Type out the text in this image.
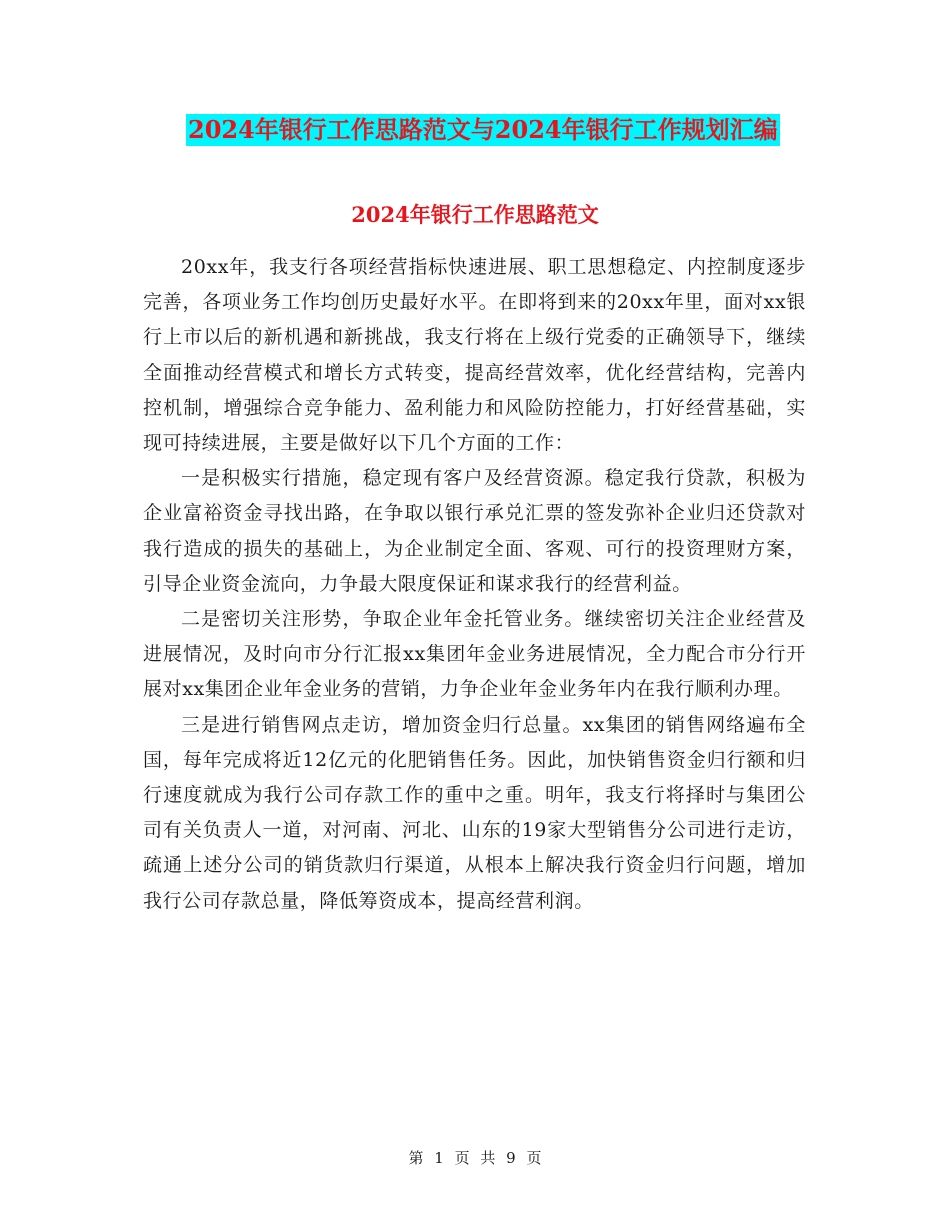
2024年银行工作思路范文与2024年银行工作规划汇编
2024年银行工作思路范文

20xx年，我支行各项经营指标快速进展、职工思想稳定、内控制度逐步完善，各项业务工作均创历史最好水平。在即将到来的20xx年里，面对xx银行上市以后的新机遇和新挑战，我支行将在上级行党委的正确领导下，继续全面推动经营模式和增长方式转变，提高经营效率，优化经营结构，完善内控机制，增强综合竞争能力、盈利能力和风险防控能力，打好经营基础，实现可持续进展，主要是做好以下几个方面的工作：

一是积极实行措施，稳定现有客户及经营资源。稳定我行贷款，积极为企业富裕资金寻找出路，在争取以银行承兑汇票的签发弥补企业归还贷款对我行造成的损失的基础上，为企业制定全面、客观、可行的投资理财方案，引导企业资金流向，力争最大限度保证和谋求我行的经营利益。

二是密切关注形势，争取企业年金托管业务。继续密切关注企业经营及进展情况，及时向市分行汇报xx集团年金业务进展情况，全力配合市分行开展对xx集团企业年金业务的营销，力争企业年金业务年内在我行顺利办理。

三是进行销售网点走访，增加资金归行总量。xx集团的销售网络遍布全国，每年完成将近12亿元的化肥销售任务。因此，加快销售资金归行额和归行速度就成为我行公司存款工作的重中之重。明年，我支行将择时与集团公司有关负责人一道，对河南、河北、山东的19家大型销售分公司进行走访，疏通上述分公司的销货款归行渠道，从根本上解决我行资金归行问题，增加我行公司存款总量，降低筹资成本，提高经营利润。

第 1 页 共 9 页
